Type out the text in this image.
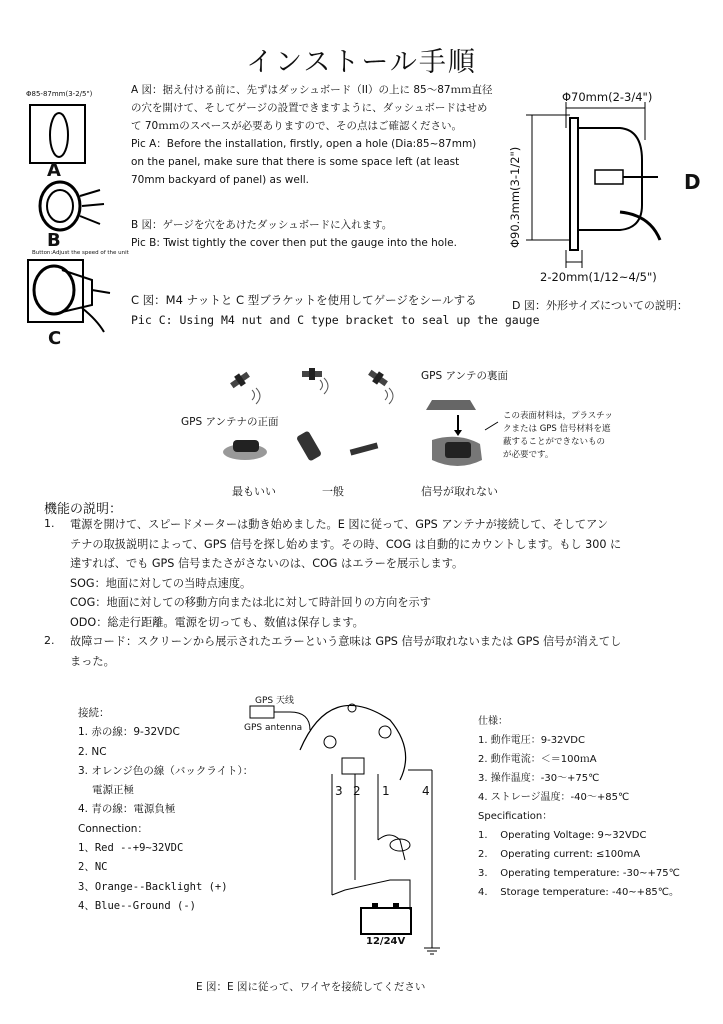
インストール手順
Φ85-87mm(3-2/5")
A
B
Button:Adjust the speed of the unit
C
A 図：据え付ける前に、先ずはダッシュボード（II）の上に 85～87ｍｍ直径
の穴を開けて、そしてゲージの設置できますように、ダッシュボードはせめ
て 70ｍｍのスペースが必要ありますので、その点はご確認ください。
Pic A：Before the installation, firstly, open a hole (Dia:85~87mm)
on the panel, make sure that there is some space left (at least
70mm backyard of panel) as well.
B 図：ゲージを穴をあけたダッシュボードに入れます。
Pic B: Twist tightly the cover then put the gauge into the hole.
C 図：M4 ナットと C 型ブラケットを使用してゲージをシールする
Pic C: Using M4 nut and C type bracket to seal up the gauge
Φ70mm(2-3/4")
Φ90.3mm(3-1/2")	D
2-20mm(1/12~4/5")
D 図：外形サイズについての説明：
GPS アンテナの正面
GPS アンテの裏面
この表面材料は，プラスチッ
クまたは GPS 信号材料を遮
蔽することができないもの
が必要です。
最もいい	一般	信号が取れない
機能の説明：
1. 電源を開けて、スピードメーターは動き始めました。E 図に従って、GPS アンテナが接続して、そしてアン
テナの取扱説明によって、GPS 信号を探し始めます。その時、COG は自動的にカウントします。もし 300 に
達すれば、でも GPS 信号またさがさないのは、COG はエラーを展示します。
SOG：地面に対しての当時点速度。
COG：地面に対しての移動方向または北に対して時計回りの方向を示す
ODO：総走行距離。電源を切っても、数値は保存します。
2. 故障コード：スクリーンから展示されたエラーという意味は GPS 信号が取れないまたは GPS 信号が消えてし
まった。
接続：
1. 赤の線：9-32VDC
2. NC
3. オレンジ色の線（バックライト）：
電源正極
4. 青の線：電源負極
Connection：
1、Red --+9~32VDC
2、NC
3、Orange--Backlight (+)
4、Blue--Ground (-)
GPS 天线
GPS antenna
3 2 1	4
12/24V
仕様：
1. 動作電圧：9-32VDC
2. 動作電流：＜＝100ｍA
3. 操作温度：-30～+75℃
4. ストレージ温度：-40～+85℃
Specification：
1. Operating Voltage: 9~32VDC
2. Operating current: ≤100mA
3. Operating temperature: -30~+75℃
4. Storage temperature: -40~+85℃。
E 図：E 図に従って、ワイヤを接続してください
